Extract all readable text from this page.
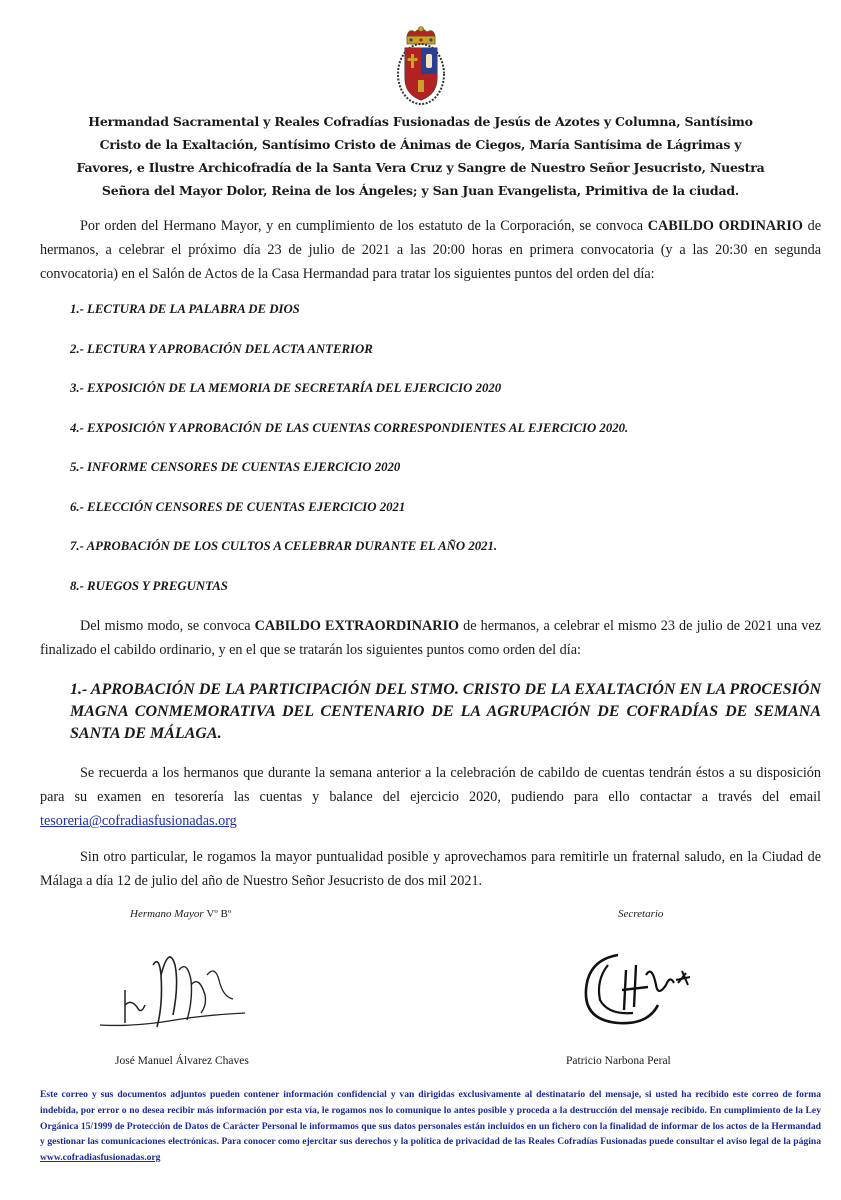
Hermandad Sacramental y Reales Cofradías Fusionadas de Jesús de Azotes y Columna, Santísimo Cristo de la Exaltación, Santísimo Cristo de Ánimas de Ciegos, María Santísima de Lágrimas y Favores, e Ilustre Archicofradía de la Santa Vera Cruz y Sangre de Nuestro Señor Jesucristo, Nuestra Señora del Mayor Dolor, Reina de los Ángeles; y San Juan Evangelista, Primitiva de la ciudad.
Por orden del Hermano Mayor, y en cumplimiento de los estatuto de la Corporación, se convoca CABILDO ORDINARIO de hermanos, a celebrar el próximo día 23 de julio de 2021 a las 20:00 horas en primera convocatoria (y a las 20:30 en segunda convocatoria) en el Salón de Actos de la Casa Hermandad para tratar los siguientes puntos del orden del día:
1.- LECTURA DE LA PALABRA DE DIOS
2.- LECTURA Y APROBACIÓN DEL ACTA ANTERIOR
3.- EXPOSICIÓN DE LA MEMORIA DE SECRETARÍA DEL EJERCICIO 2020
4.- EXPOSICIÓN Y APROBACIÓN DE LAS CUENTAS CORRESPONDIENTES AL EJERCICIO 2020.
5.- INFORME CENSORES DE CUENTAS EJERCICIO 2020
6.- ELECCIÓN CENSORES DE CUENTAS EJERCICIO 2021
7.- APROBACIÓN DE LOS CULTOS A CELEBRAR DURANTE EL AÑO 2021.
8.- RUEGOS Y PREGUNTAS
Del mismo modo, se convoca CABILDO EXTRAORDINARIO de hermanos, a celebrar el mismo 23 de julio de 2021 una vez finalizado el cabildo ordinario, y en el que se tratarán los siguientes puntos como orden del día:
1.- APROBACIÓN DE LA PARTICIPACIÓN DEL STMO. CRISTO DE LA EXALTACIÓN EN LA PROCESIÓN MAGNA CONMEMORATIVA DEL CENTENARIO DE LA AGRUPACIÓN DE COFRADÍAS DE SEMANA SANTA DE MÁLAGA.
Se recuerda a los hermanos que durante la semana anterior a la celebración de cabildo de cuentas tendrán éstos a su disposición para su examen en tesorería las cuentas y balance del ejercicio 2020, pudiendo para ello contactar a través del email tesoreria@cofradiasfusionadas.org
Sin otro particular, le rogamos la mayor puntualidad posible y aprovechamos para remitirle un fraternal saludo, en la Ciudad de Málaga a día 12 de julio del año de Nuestro Señor Jesucristo de dos mil 2021.
Hermano Mayor Vº Bº
José Manuel Álvarez Chaves
Secretario
Patricio Narbona Peral
Este correo y sus documentos adjuntos pueden contener información confidencial y van dirigidas exclusivamente al destinatario del mensaje, si usted ha recibido este correo de forma indebida, por error o no desea recibir más información por esta vía, le rogamos nos lo comunique lo antes posible y proceda a la destrucción del mensaje recibido. En cumplimiento de la Ley Orgánica 15/1999 de Protección de Datos de Carácter Personal le informamos que sus datos personales están incluidos en un fichero con la finalidad de informar de los actos de la Hermandad y gestionar las comunicaciones electrónicas. Para conocer como ejercitar sus derechos y la política de privacidad de las Reales Cofradías Fusionadas puede consultar el aviso legal de la página www.cofradiasfusionadas.org
